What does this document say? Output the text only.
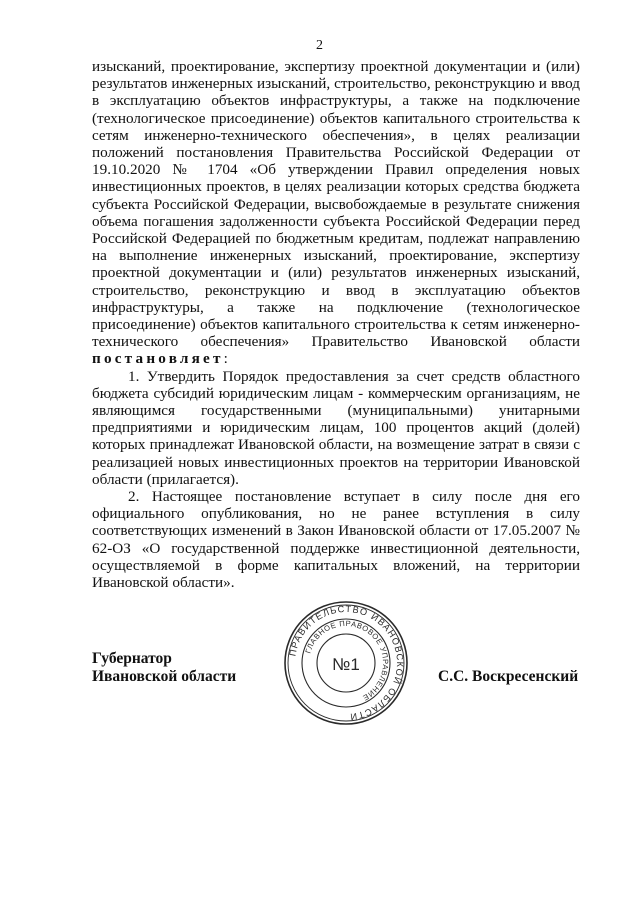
2

изысканий, проектирование, экспертизу проектной документации и (или) результатов инженерных изысканий, строительство, реконструкцию и ввод в эксплуатацию объектов инфраструктуры, а также на подключение (технологическое присоединение) объектов капитального строительства к сетям инженерно-технического обеспечения», в целях реализации положений постановления Правительства Российской Федерации от 19.10.2020 № 1704 «Об утверждении Правил определения новых инвестиционных проектов, в целях реализации которых средства бюджета субъекта Российской Федерации, высвобождаемые в результате снижения объема погашения задолженности субъекта Российской Федерации перед Российской Федерацией по бюджетным кредитам, подлежат направлению на выполнение инженерных изысканий, проектирование, экспертизу проектной документации и (или) результатов инженерных изысканий, строительство, реконструкцию и ввод в эксплуатацию объектов инфраструктуры, а также на подключение (технологическое присоединение) объектов капитального строительства к сетям инженерно-технического обеспечения» Правительство Ивановской области постановляет:

1. Утвердить Порядок предоставления за счет средств областного бюджета субсидий юридическим лицам - коммерческим организациям, не являющимся государственными (муниципальными) унитарными предприятиями и юридическим лицам, 100 процентов акций (долей) которых принадлежат Ивановской области, на возмещение затрат в связи с реализацией новых инвестиционных проектов на территории Ивановской области (прилагается).

2. Настоящее постановление вступает в силу после дня его официального опубликования, но не ранее вступления в силу соответствующих изменений в Закон Ивановской области от 17.05.2007 № 62-ОЗ «О государственной поддержке инвестиционной деятельности, осуществляемой в форме капитальных вложений, на территории Ивановской области».

Губернатор
Ивановской области
ПРАВИТЕЛЬСТВО ИВАНОВСКОЙ ОБЛАСТИ
ГЛАВНОЕ ПРАВОВОЕ УПРАВЛЕНИЕ
№1
С.С. Воскресенский
